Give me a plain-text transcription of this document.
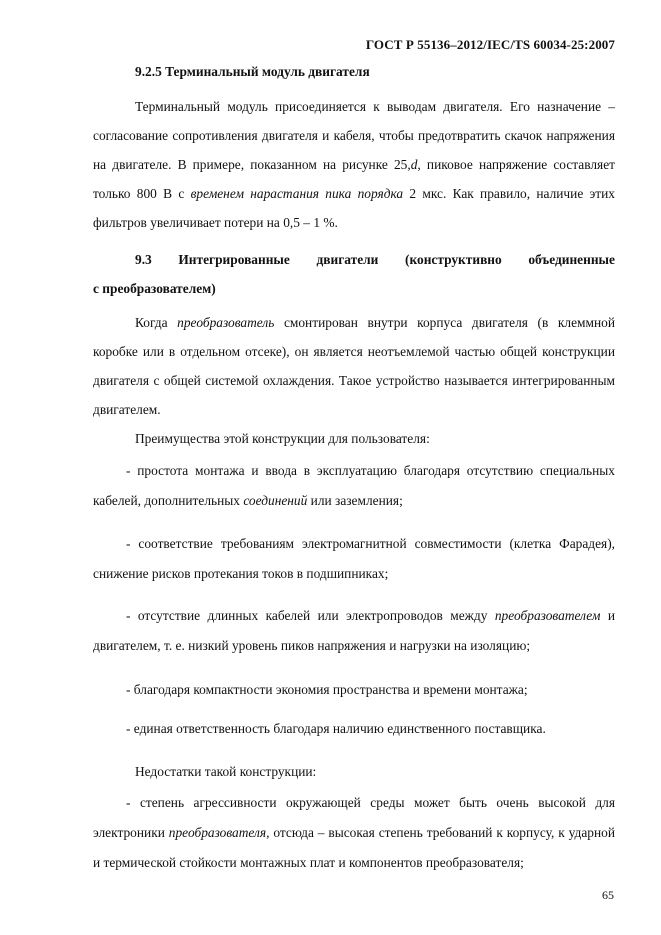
ГОСТ Р 55136–2012/IEC/TS 60034-25:2007
9.2.5 Терминальный модуль двигателя
Терминальный модуль присоединяется к выводам двигателя. Его назначение –
согласование сопротивления двигателя и кабеля, чтобы предотвратить скачок напряжения
на двигателе. В примере, показанном на рисунке 25,d, пиковое напряжение составляет
только 800 В с временем нарастания пика порядка 2 мкс. Как правило, наличие этих
фильтров увеличивает потери на 0,5 – 1 %.
9.3 Интегрированные двигатели (конструктивно объединенные
с преобразователем)
Когда преобразователь смонтирован внутри корпуса двигателя (в клеммной
коробке или в отдельном отсеке), он является неотъемлемой частью общей конструкции
двигателя с общей системой охлаждения. Такое устройство называется интегрированным
двигателем.
Преимущества этой конструкции для пользователя:
- простота монтажа и ввода в эксплуатацию благодаря отсутствию специальных
кабелей, дополнительных соединений или заземления;
- соответствие требованиям электромагнитной совместимости (клетка Фарадея),
снижение рисков протекания токов в подшипниках;
- отсутствие длинных кабелей или электропроводов между преобразователем и
двигателем, т. е. низкий уровень пиков напряжения и нагрузки на изоляцию;
- благодаря компактности экономия пространства и времени монтажа;
- единая ответственность благодаря наличию единственного поставщика.
Недостатки такой конструкции:
- степень агрессивности окружающей среды может быть очень высокой для
электроники преобразователя, отсюда – высокая степень требований к корпусу, к ударной
и термической стойкости монтажных плат и компонентов преобразователя;
65
